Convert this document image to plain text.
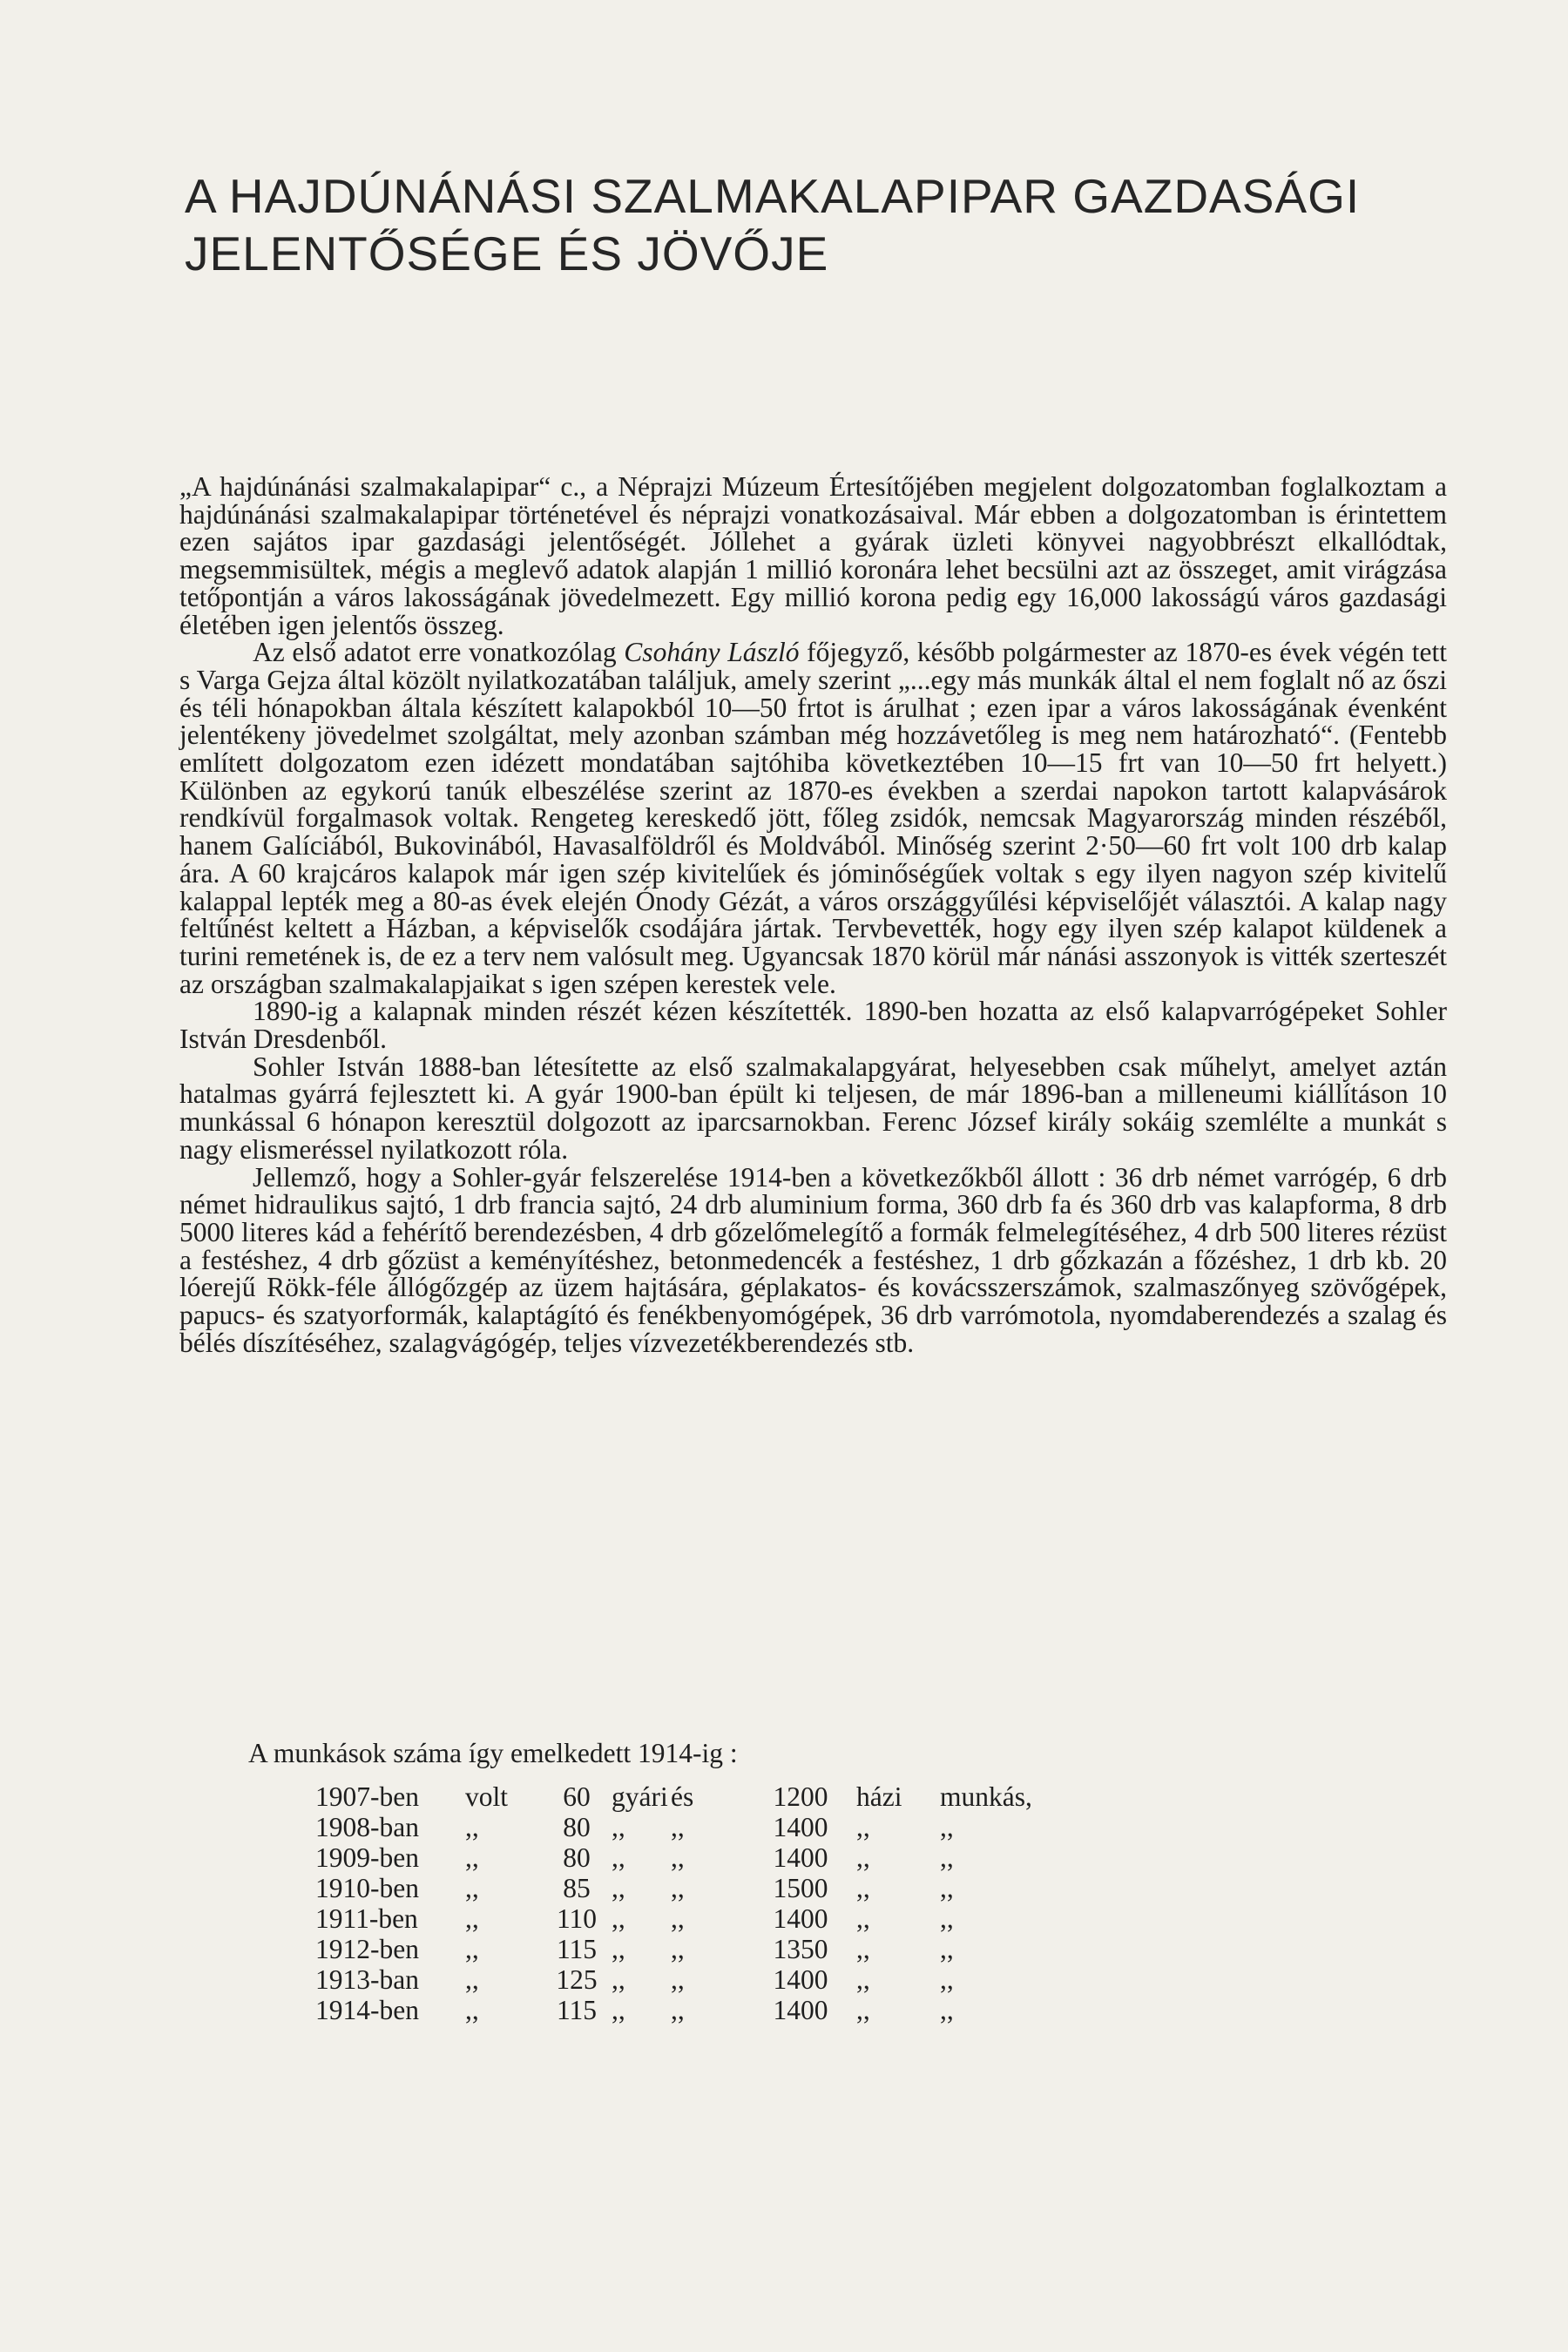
A HAJDÚNÁNÁSI SZALMAKALAPIPAR GAZDASÁGI
JELENTŐSÉGE ÉS JÖVŐJE

„A hajdúnánási szalmakalapipar“ c., a Néprajzi Múzeum Értesítőjében megjelent dolgozatomban foglalkoztam a hajdúnánási szalmakalapipar történetével és néprajzi vonatkozásaival. Már ebben a dolgozatomban is érintettem ezen sajátos ipar gazdasági jelentőségét. Jóllehet a gyárak üzleti könyvei nagyobbrészt elkallódtak, megsemmisültek, mégis a meglevő adatok alapján 1 millió koronára lehet becsülni azt az összeget, amit virágzása tetőpontján a város lakosságának jövedelmezett. Egy millió korona pedig egy 16,000 lakosságú város gazdasági életében igen jelentős összeg.

Az első adatot erre vonatkozólag Csohány László főjegyző, később polgármester az 1870-es évek végén tett s Varga Gejza által közölt nyilatkozatában találjuk, amely szerint „...egy más munkák által el nem foglalt nő az őszi és téli hónapokban általa készített kalapokból 10—50 frtot is árulhat ; ezen ipar a város lakosságának évenként jelentékeny jövedelmet szolgáltat, mely azonban számban még hozzávetőleg is meg nem határozható“. (Fentebb említett dolgozatom ezen idézett mondatában sajtóhiba következtében 10—15 frt van 10—50 frt helyett.) Különben az egykorú tanúk elbeszélése szerint az 1870-es években a szerdai napokon tartott kalapvásárok rendkívül forgalmasok voltak. Rengeteg kereskedő jött, főleg zsidók, nemcsak Magyarország minden részéből, hanem Galíciából, Bukovinából, Havasalföldről és Moldvából. Minőség szerint 2·50—60 frt volt 100 drb kalap ára. A 60 krajcáros kalapok már igen szép kivitelűek és jóminőségűek voltak s egy ilyen nagyon szép kivitelű kalappal lepték meg a 80-as évek elején Ónody Gézát, a város országgyűlési képviselőjét választói. A kalap nagy feltűnést keltett a Házban, a képviselők csodájára jártak. Tervbevették, hogy egy ilyen szép kalapot küldenek a turini remetének is, de ez a terv nem valósult meg. Ugyancsak 1870 körül már nánási asszonyok is vitték szerteszét az országban szalmakalapjaikat s igen szépen kerestek vele.

1890-ig a kalapnak minden részét kézen készítették. 1890-ben hozatta az első kalapvarrógépeket Sohler István Dresdenből.

Sohler István 1888-ban létesítette az első szalmakalapgyárat, helyesebben csak műhelyt, amelyet aztán hatalmas gyárrá fejlesztett ki. A gyár 1900-ban épült ki teljesen, de már 1896-ban a milleneumi kiállításon 10 munkással 6 hónapon keresztül dolgozott az iparcsarnokban. Ferenc József király sokáig szemlélte a munkát s nagy elismeréssel nyilatkozott róla.

Jellemző, hogy a Sohler-gyár felszerelése 1914-ben a következőkből állott : 36 drb német varrógép, 6 drb német hidraulikus sajtó, 1 drb francia sajtó, 24 drb aluminium forma, 360 drb fa és 360 drb vas kalapforma, 8 drb 5000 literes kád a fehérítő berendezésben, 4 drb gőzelőmelegítő a formák felmelegítéséhez, 4 drb 500 literes rézüst a festéshez, 4 drb gőzüst a keményítéshez, betonmedencék a festéshez, 1 drb gőzkazán a főzéshez, 1 drb kb. 20 lóerejű Rökk-féle állógőzgép az üzem hajtására, géplakatos- és kovácsszerszámok, szalmaszőnyeg szövőgépek, papucs- és szatyorformák, kalaptágító és fenékbenyomógépek, 36 drb varrómotola, nyomdaberendezés a szalag és bélés díszítéséhez, szalagvágógép, teljes vízvezetékberendezés stb.

A munkások száma így emelkedett 1914-ig :
1907-ben	volt	60	gyári	és	1200	házi	munkás,
1908-ban	,,	80	,,	,,	1400	,,	,,
1909-ben	,,	80	,,	,,	1400	,,	,,
1910-ben	,,	85	,,	,,	1500	,,	,,
1911-ben	,,	110	,,	,,	1400	,,	,,
1912-ben	,,	115	,,	,,	1350	,,	,,
1913-ban	,,	125	,,	,,	1400	,,	,,
1914-ben	,,	115	,,	,,	1400	,,	,,
